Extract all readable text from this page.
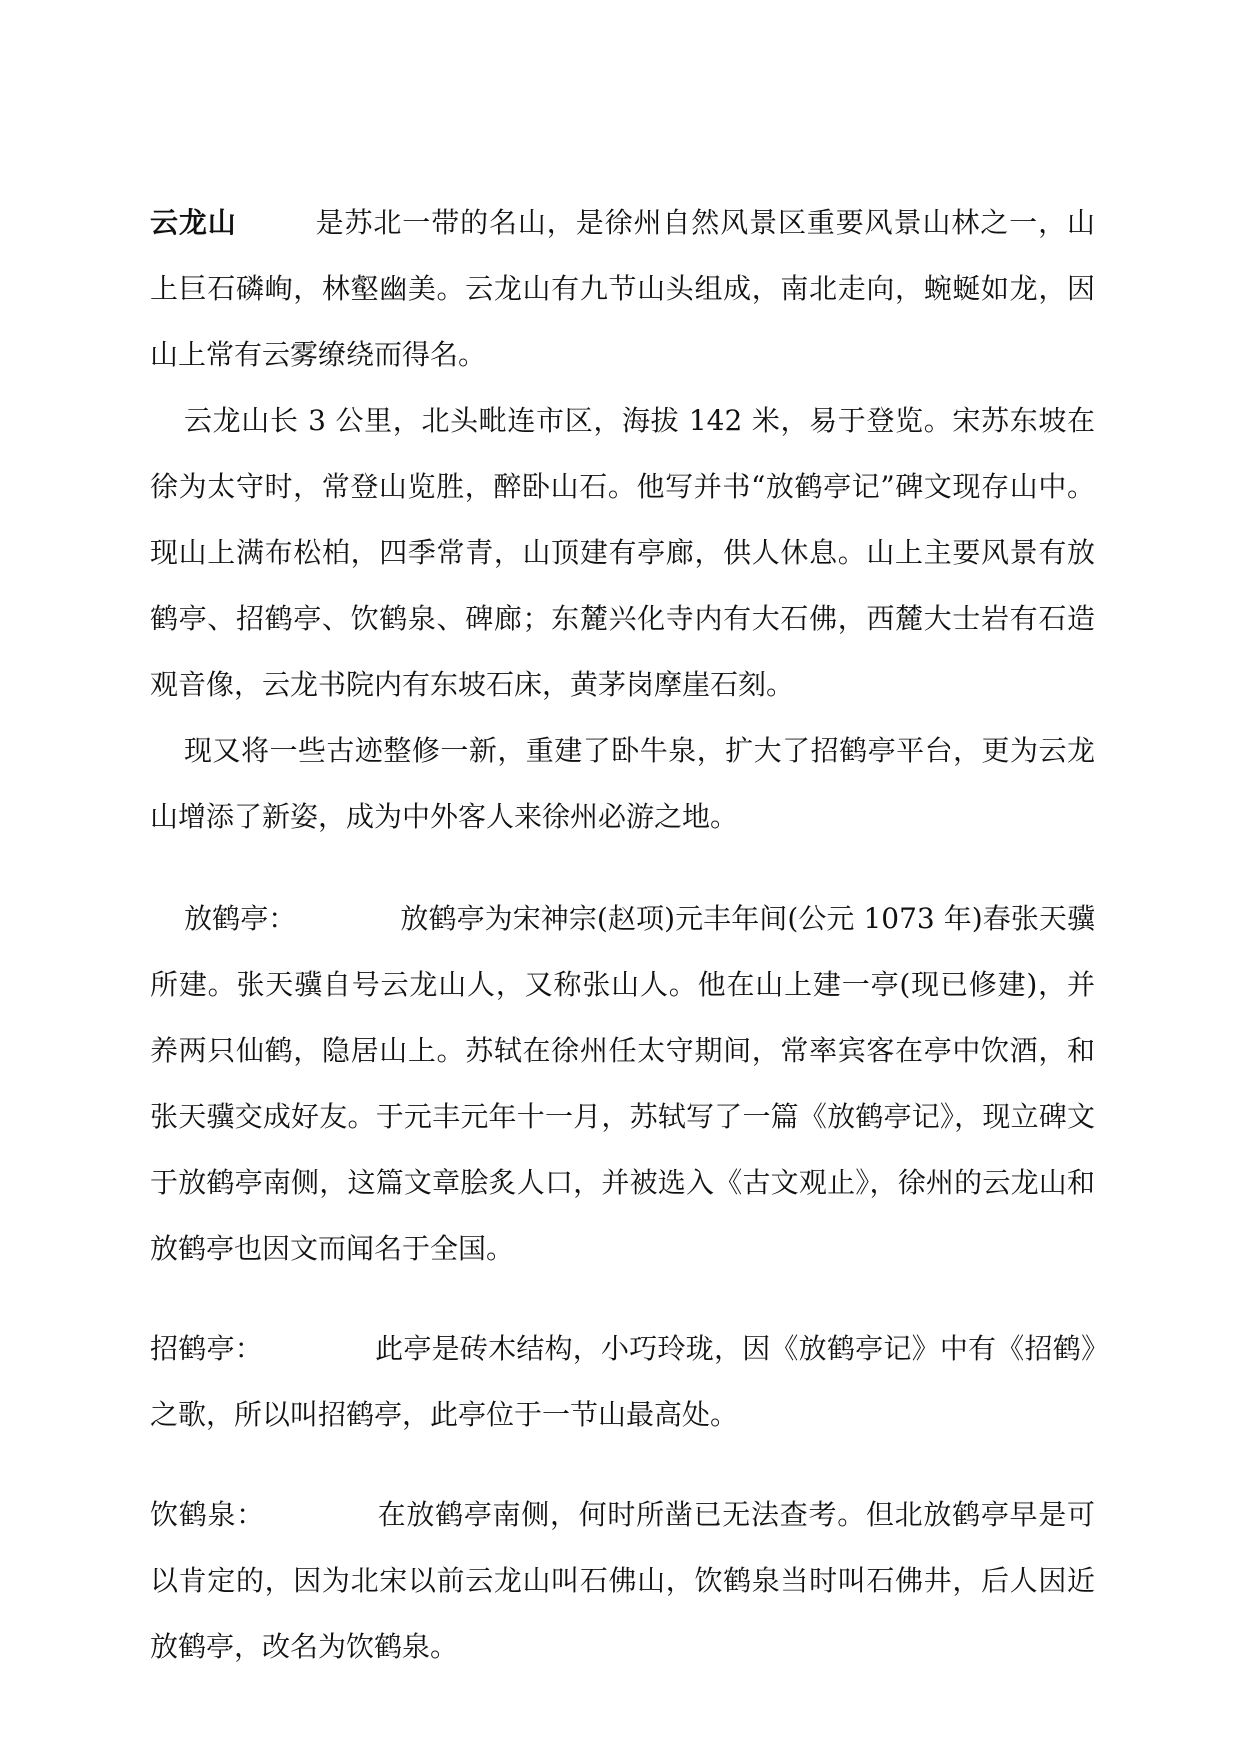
云龙山	是苏北一带的名山，是徐州自然风景区重要风景山林之一，山上巨石磷峋，林壑幽美。云龙山有九节山头组成，南北走向，蜿蜒如龙，因山上常有云雾缭绕而得名。

云龙山长 3 公里，北头毗连市区，海拔 142 米，易于登览。宋苏东坡在徐为太守时，常登山览胜，醉卧山石。他写并书“放鹤亭记”碑文现存山中。现山上满布松柏，四季常青，山顶建有亭廊，供人休息。山上主要风景有放鹤亭、招鹤亭、饮鹤泉、碑廊；东麓兴化寺内有大石佛，西麓大士岩有石造观音像，云龙书院内有东坡石床，黄茅岗摩崖石刻。

现又将一些古迹整修一新，重建了卧牛泉，扩大了招鹤亭平台，更为云龙山增添了新姿，成为中外客人来徐州必游之地。

放鹤亭：	放鹤亭为宋神宗(赵项)元丰年间(公元 1073 年)春张天骥所建。张天骥自号云龙山人，又称张山人。他在山上建一亭(现已修建)，并养两只仙鹤，隐居山上。苏轼在徐州任太守期间，常率宾客在亭中饮酒，和张天骥交成好友。于元丰元年十一月，苏轼写了一篇《放鹤亭记》，现立碑文于放鹤亭南侧，这篇文章脍炙人口，并被选入《古文观止》，徐州的云龙山和放鹤亭也因文而闻名于全国。

招鹤亭：	此亭是砖木结构，小巧玲珑，因《放鹤亭记》中有《招鹤》之歌，所以叫招鹤亭，此亭位于一节山最高处。

饮鹤泉：	在放鹤亭南侧，何时所凿已无法查考。但北放鹤亭早是可以肯定的，因为北宋以前云龙山叫石佛山，饮鹤泉当时叫石佛井，后人因近放鹤亭，改名为饮鹤泉。
